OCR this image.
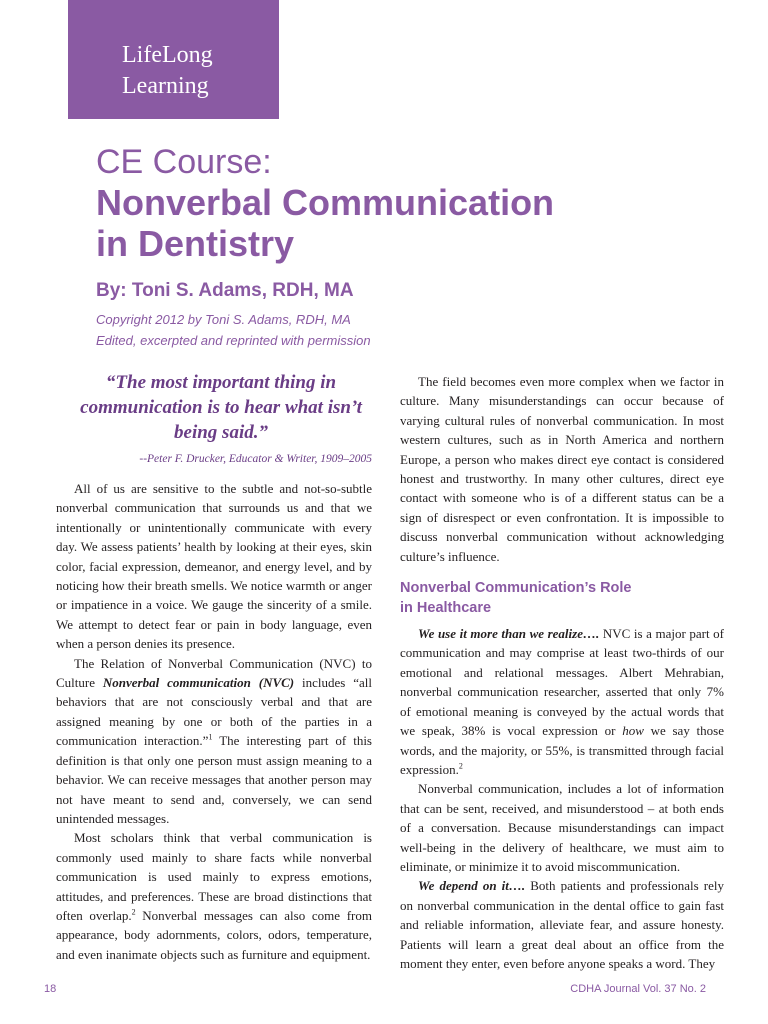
LifeLong
Learning
CE Course:
Nonverbal Communication
in Dentistry
By: Toni S. Adams, RDH, MA
Copyright 2012 by Toni S. Adams, RDH, MA
Edited, excerpted and reprinted with permission
“The most important thing in communication is to hear what isn’t being said.”
--Peter F. Drucker, Educator & Writer, 1909–2005

All of us are sensitive to the subtle and not-so-subtle nonverbal communication that surrounds us and that we intentionally or unintentionally communicate with every day. We assess patients’ health by looking at their eyes, skin color, facial expression, demeanor, and energy level, and by noticing how their breath smells. We notice warmth or anger or impatience in a voice. We gauge the sincerity of a smile. We attempt to detect fear or pain in body language, even when a person denies its presence.

The Relation of Nonverbal Communication (NVC) to Culture Nonverbal communication (NVC) includes “all behaviors that are not consciously verbal and that are assigned meaning by one or both of the parties in a communication interaction.”$^1$ The interesting part of this definition is that only one person must assign meaning to a behavior. We can receive messages that another person may not have meant to send and, conversely, we can send unintended messages.

Most scholars think that verbal communication is commonly used mainly to share facts while nonverbal communication is used mainly to express emotions, attitudes, and preferences. These are broad distinctions that often overlap.$^2$ Nonverbal messages can also come from appearance, body adornments, colors, odors, temperature, and even inanimate objects such as furniture and equipment.

The field becomes even more complex when we factor in culture. Many misunderstandings can occur because of varying cultural rules of nonverbal communication. In most western cultures, such as in North America and northern Europe, a person who makes direct eye contact is considered honest and trustworthy. In many other cultures, direct eye contact with someone who is of a different status can be a sign of disrespect or even confrontation. It is impossible to discuss nonverbal communication without acknowledging culture’s influence.

Nonverbal Communication’s Role
in Healthcare

We use it more than we realize…. NVC is a major part of communication and may comprise at least two-thirds of our emotional and relational messages. Albert Mehrabian, nonverbal communication researcher, asserted that only 7% of emotional meaning is conveyed by the actual words that we speak, 38% is vocal expression or how we say those words, and the majority, or 55%, is transmitted through facial expression.$^2$

Nonverbal communication, includes a lot of information that can be sent, received, and misunderstood – at both ends of a conversation. Because misunderstandings can impact well-being in the delivery of healthcare, we must aim to eliminate, or minimize it to avoid miscommunication.

We depend on it…. Both patients and professionals rely on nonverbal communication in the dental office to gain fast and reliable information, alleviate fear, and assure honesty. Patients will learn a great deal about an office from the moment they enter, even before anyone speaks a word. They

18	CDHA Journal Vol. 37 No. 2
